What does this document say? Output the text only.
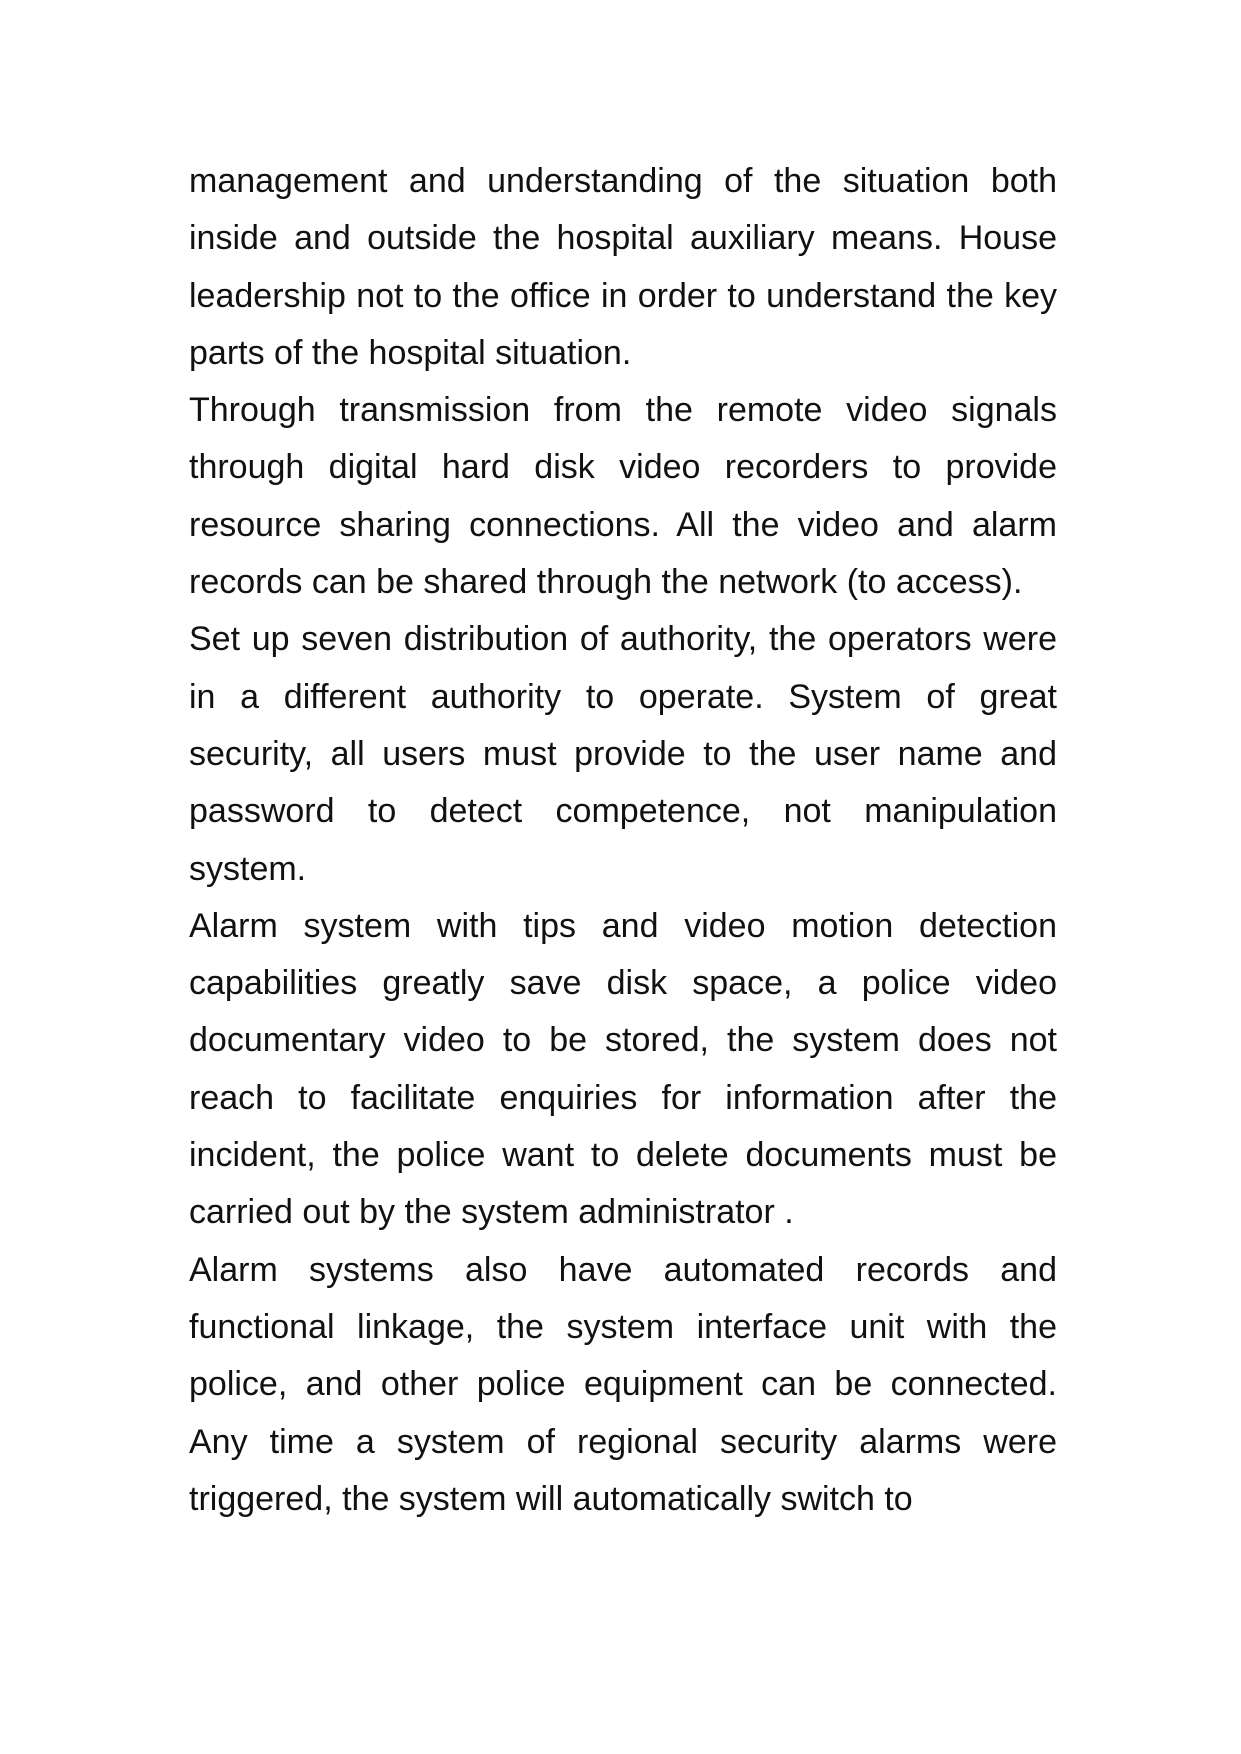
management and understanding of the situation both inside and outside the hospital auxiliary means. House leadership not to the office in order to understand the key parts of the hospital situation.

Through transmission from the remote video signals through digital hard disk video recorders to provide resource sharing connections. All the video and alarm records can be shared through the network (to access).

Set up seven distribution of authority, the operators were in a different authority to operate. System of great security, all users must provide to the user name and password to detect competence, not manipulation system.

Alarm system with tips and video motion detection capabilities greatly save disk space, a police video documentary video to be stored, the system does not reach to facilitate enquiries for information after the incident, the police want to delete documents must be carried out by the system administrator .

Alarm systems also have automated records and functional linkage, the system interface unit with the police, and other police equipment can be connected. Any time a system of regional security alarms were triggered, the system will automatically switch to
